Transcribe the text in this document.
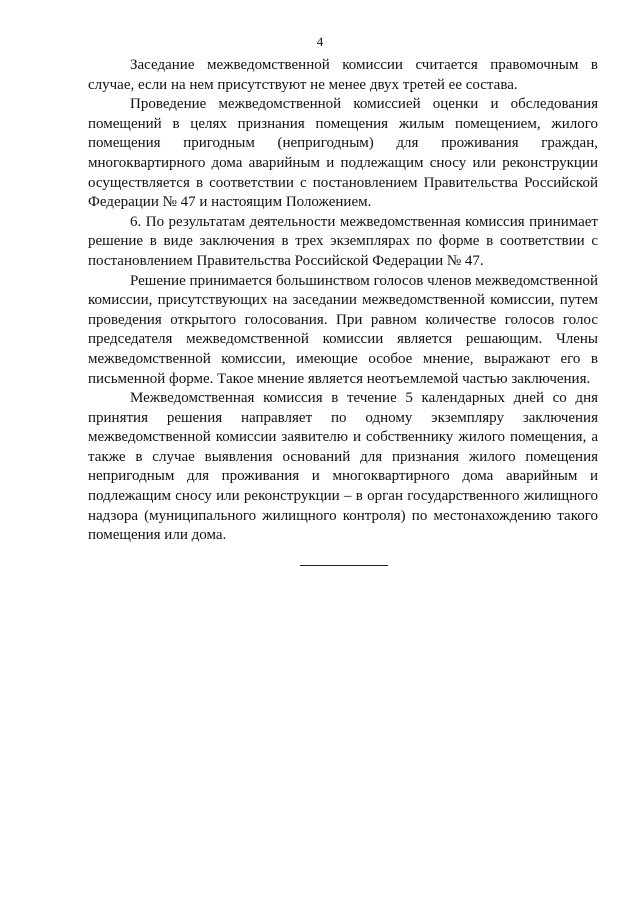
4

Заседание межведомственной комиссии считается правомочным в случае, если на нем присутствуют не менее двух третей ее состава.

Проведение межведомственной комиссией оценки и обследования помещений в целях признания помещения жилым помещением, жилого помещения пригодным (непригодным) для проживания граждан, многоквартирного дома аварийным и подлежащим сносу или реконструкции осуществляется в соответствии с постановлением Правительства Российской Федерации № 47 и настоящим Положением.

6. По результатам деятельности межведомственная комиссия принимает решение в виде заключения в трех экземплярах по форме в соответствии с постановлением Правительства Российской Федерации № 47.

Решение принимается большинством голосов членов межведомственной комиссии, присутствующих на заседании межведомственной комиссии, путем проведения открытого голосования. При равном количестве голосов голос председателя межведомственной комиссии является решающим. Члены межведомственной комиссии, имеющие особое мнение, выражают его в письменной форме. Такое мнение является неотъемлемой частью заключения.

Межведомственная комиссия в течение 5 календарных дней со дня принятия решения направляет по одному экземпляру заключения межведомственной комиссии заявителю и собственнику жилого помещения, а также в случае выявления оснований для признания жилого помещения непригодным для проживания и многоквартирного дома аварийным и подлежащим сносу или реконструкции – в орган государственного жилищного надзора (муниципального жилищного контроля) по местонахождению такого помещения или дома.
